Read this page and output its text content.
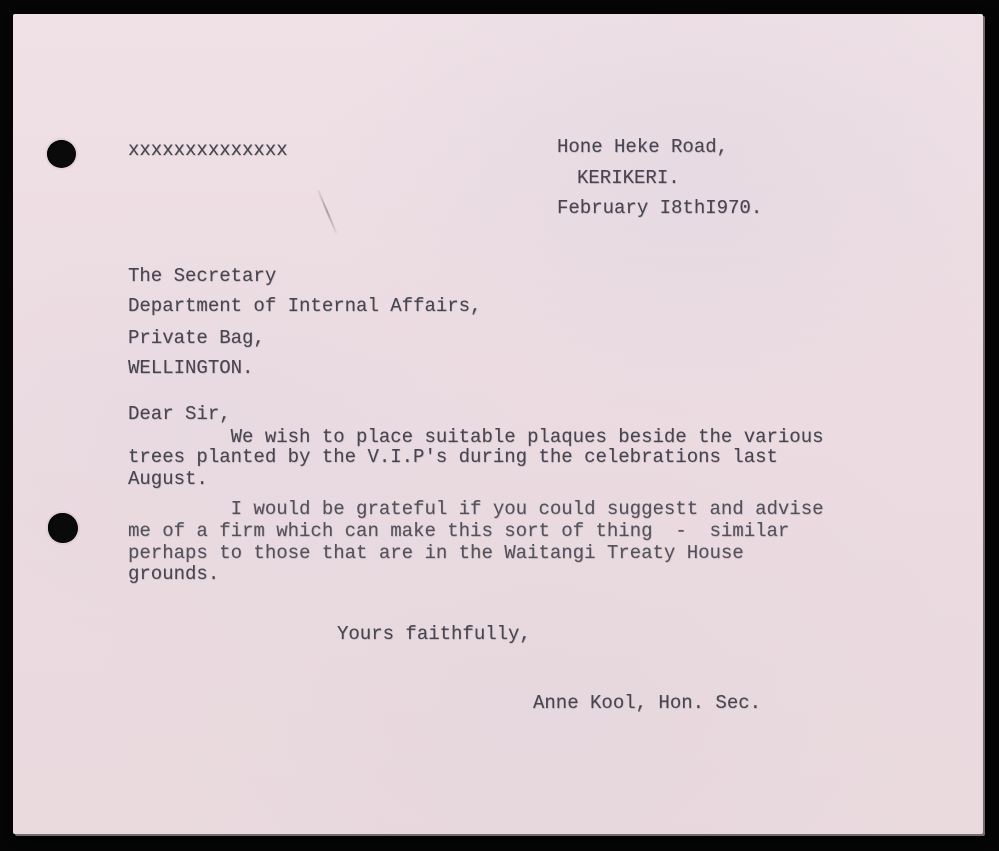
xxxxxxxxxxxxxx	Hone Heke Road,
KERIKERI.
February I8thI970.
The Secretary
Department of Internal Affairs,
Private Bag,
WELLINGTON.
Dear Sir,
We wish to place suitable plaques beside the various
trees planted by the V.I.P's during the celebrations last
August.
I would be grateful if you could suggestt and advise
me of a firm which can make this sort of thing  -  similar
perhaps to those that are in the Waitangi Treaty House
grounds.
Yours faithfully,
Anne Kool, Hon. Sec.
